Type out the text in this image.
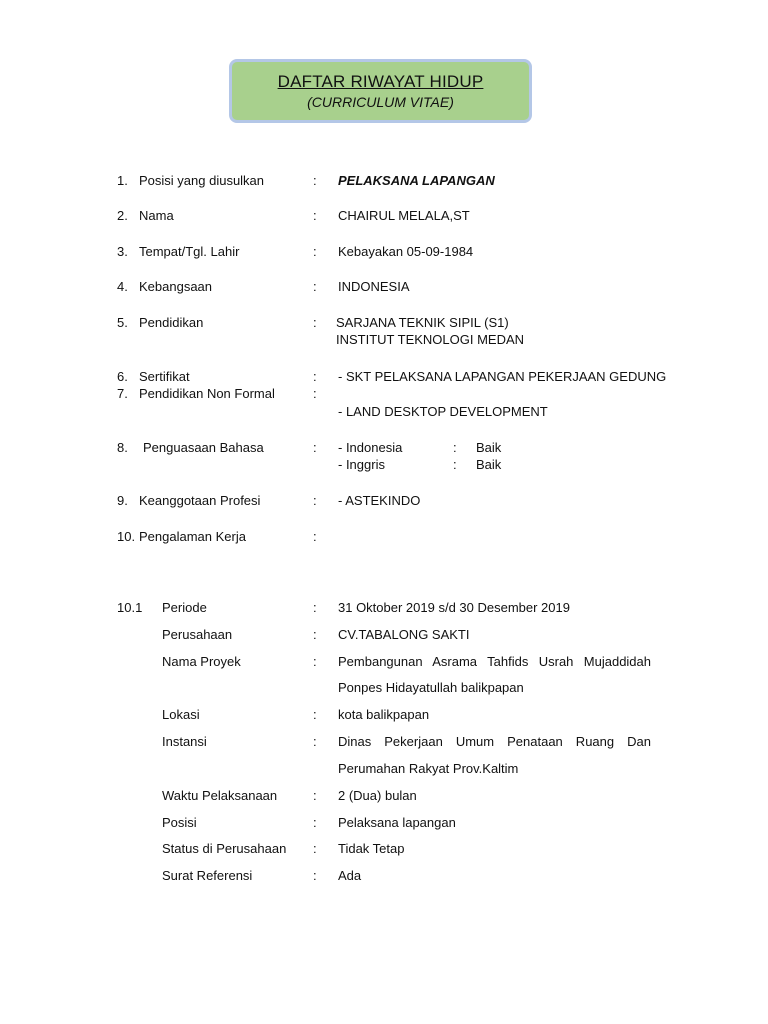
DAFTAR RIWAYAT HIDUP
(CURRICULUM VITAE)
1. Posisi yang diusulkan	: PELAKSANA LAPANGAN
2. Nama	: CHAIRUL MELALA,ST
3. Tempat/Tgl. Lahir	: Kebayakan 05-09-1984
4. Kebangsaan	: INDONESIA
5. Pendidikan	: SARJANA TEKNIK SIPIL (S1)
INSTITUT TEKNOLOGI MEDAN
6. Sertifikat	: - SKT PELAKSANA LAPANGAN PEKERJAAN GEDUNG
7. Pendidikan Non Formal	:
- LAND DESKTOP DEVELOPMENT
8. Penguasaan Bahasa	: - Indonesia	: Baik
- Inggris	: Baik
9. Keanggotaan Profesi	: - ASTEKINDO
10. Pengalaman Kerja	:
10.1 Periode	: 31 Oktober 2019 s/d 30 Desember 2019
Perusahaan	: CV.TABALONG SAKTI
Nama Proyek	: Pembangunan Asrama Tahfids Usrah Mujaddidah
Ponpes Hidayatullah balikpapan
Lokasi	: kota balikpapan
Instansi	: Dinas Pekerjaan Umum Penataan Ruang Dan
Perumahan Rakyat Prov.Kaltim
Waktu Pelaksanaan	: 2 (Dua) bulan
Posisi	: Pelaksana lapangan
Status di Perusahaan : Tidak Tetap
Surat Referensi	: Ada
